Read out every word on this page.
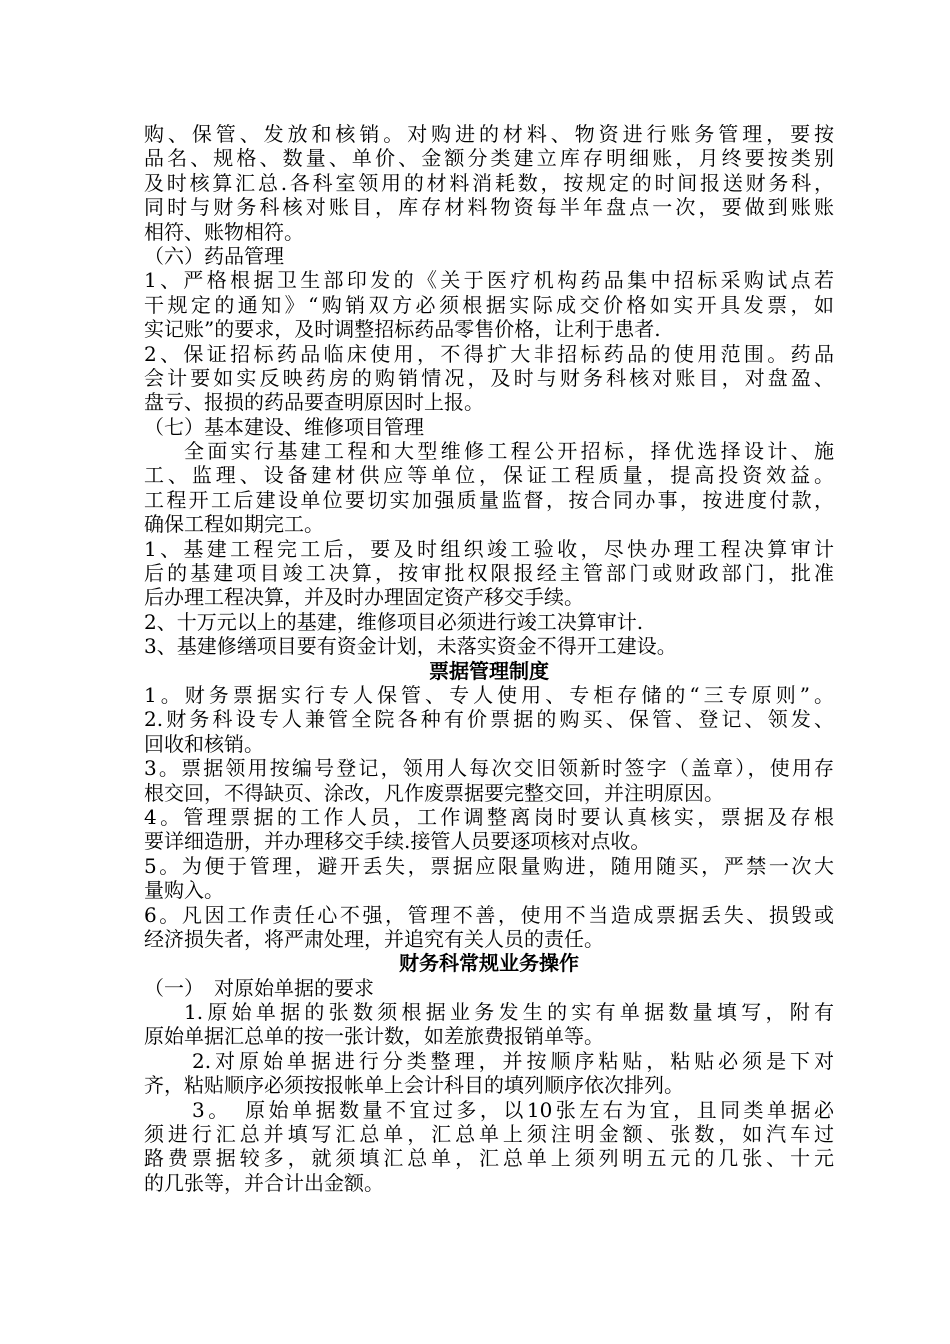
购、保管、发放和核销。对购进的材料、物资进行账务管理，要按
品名、规格、数量、单价、金额分类建立库存明细账，月终要按类别
及时核算汇总.各科室领用的材料消耗数，按规定的时间报送财务科，
同时与财务科核对账目，库存材料物资每半年盘点一次，要做到账账
相符、账物相符。
（六）药品管理
1、严格根据卫生部印发的《关于医疗机构药品集中招标采购试点若
干规定的通知》“购销双方必须根据实际成交价格如实开具发票，如
实记账”的要求，及时调整招标药品零售价格，让利于患者.
2、保证招标药品临床使用，不得扩大非招标药品的使用范围。药品
会计要如实反映药房的购销情况，及时与财务科核对账目，对盘盈、
盘亏、报损的药品要查明原因时上报。
（七）基本建设、维修项目管理
全面实行基建工程和大型维修工程公开招标，择优选择设计、施
工、监理、设备建材供应等单位，保证工程质量，提高投资效益。
工程开工后建设单位要切实加强质量监督，按合同办事，按进度付款，
确保工程如期完工。
1、基建工程完工后，要及时组织竣工验收，尽快办理工程决算审计
后的基建项目竣工决算，按审批权限报经主管部门或财政部门，批准
后办理工程决算，并及时办理固定资产移交手续。
2、十万元以上的基建，维修项目必须进行竣工决算审计.
3、基建修缮项目要有资金计划，未落实资金不得开工建设。
票据管理制度
1。财务票据实行专人保管、专人使用、专柜存储的“三专原则”。
2.财务科设专人兼管全院各种有价票据的购买、保管、登记、领发、
回收和核销。
3。票据领用按编号登记，领用人每次交旧领新时签字（盖章），使用存
根交回，不得缺页、涂改，凡作废票据要完整交回，并注明原因。
4。管理票据的工作人员，工作调整离岗时要认真核实，票据及存根
要详细造册，并办理移交手续.接管人员要逐项核对点收。
5。为便于管理，避开丢失，票据应限量购进，随用随买，严禁一次大
量购入。
6。凡因工作责任心不强，管理不善，使用不当造成票据丢失、损毁或
经济损失者，将严肃处理，并追究有关人员的责任。
财务科常规业务操作
（一）　对原始单据的要求
1.原始单据的张数须根据业务发生的实有单据数量填写，附有
原始单据汇总单的按一张计数，如差旅费报销单等。
2.对原始单据进行分类整理，并按顺序粘贴，粘贴必须是下对
齐，粘贴顺序必须按报帐单上会计科目的填列顺序依次排列。
3。　原始单据数量不宜过多，以10张左右为宜，且同类单据必
须进行汇总并填写汇总单，汇总单上须注明金额、张数，如汽车过
路费票据较多，就须填汇总单，汇总单上须列明五元的几张、十元
的几张等，并合计出金额。
